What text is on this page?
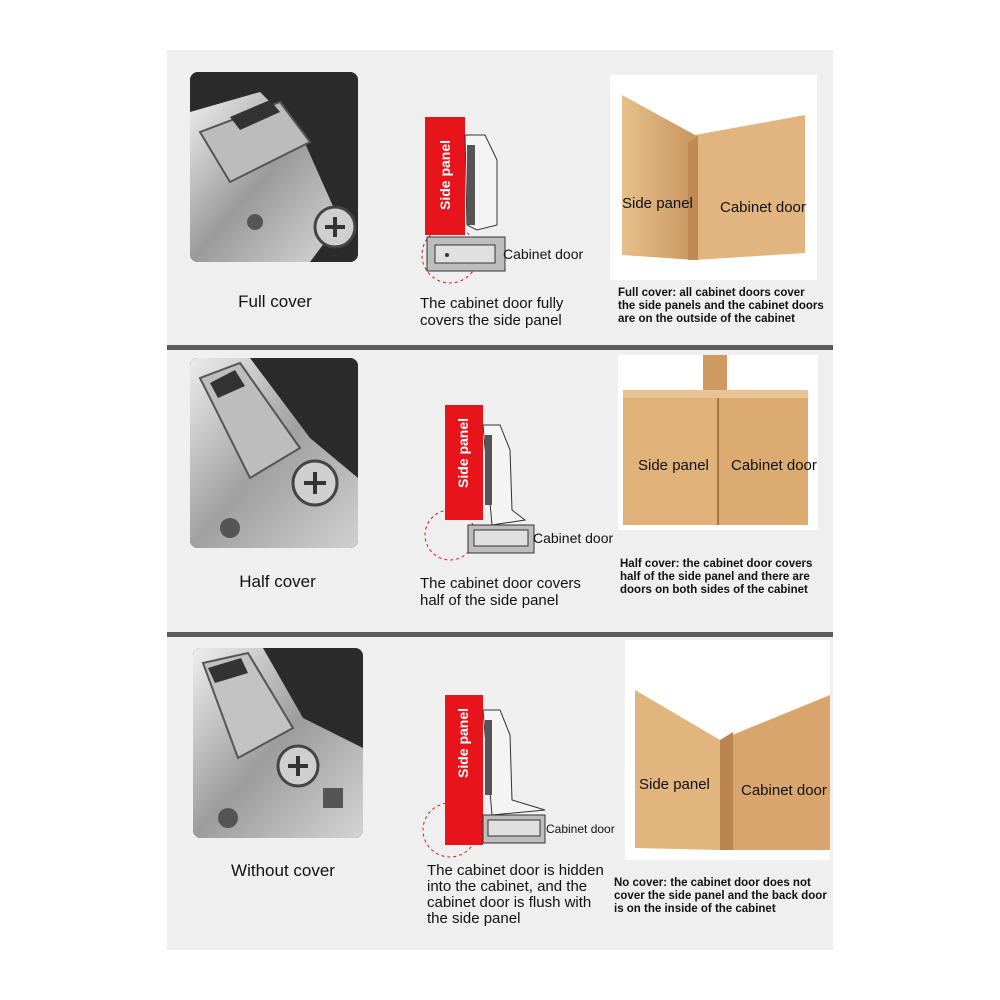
Full cover
Side panel
Cabinet door
The cabinet door fully
covers the side panel
Side panel Cabinet door
Full cover: all cabinet doors cover
the side panels and the cabinet doors
are on the outside of the cabinet
Half cover
Side panel
Cabinet door
The cabinet door covers
half of the side panel
Side panel Cabinet door
Half cover: the cabinet door covers
half of the side panel and there are
doors on both sides of the cabinet
Without cover
Side panel
Cabinet door
The cabinet door is hidden
into the cabinet, and the
cabinet door is flush with
the side panel
Side panel Cabinet door
No cover: the cabinet door does not
cover the side panel and the back door
is on the inside of the cabinet
